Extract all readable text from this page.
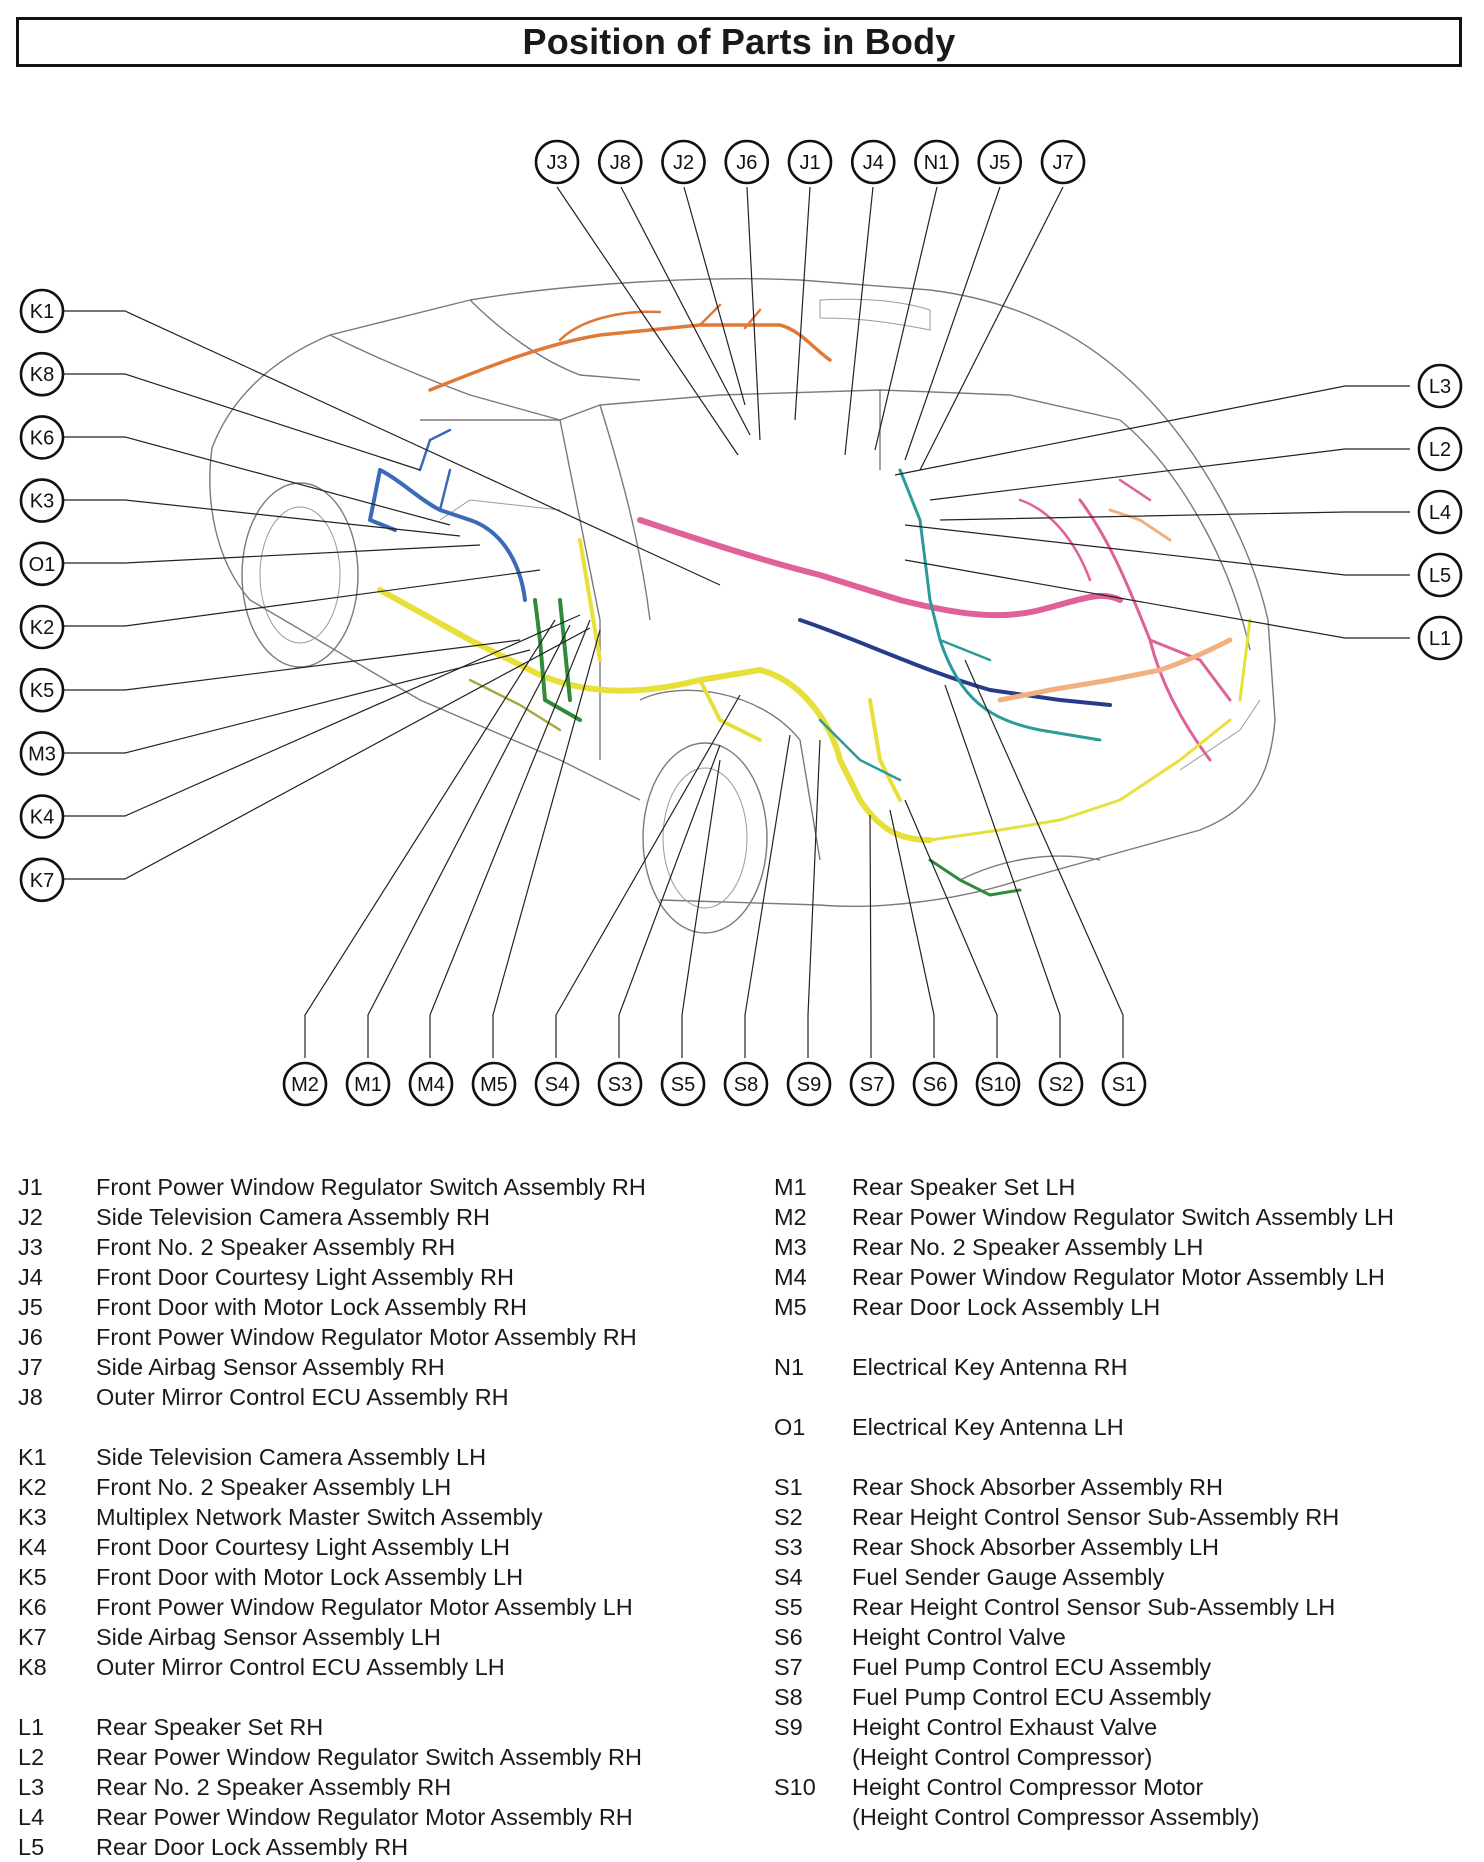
Position of Parts in Body
J3 J8 J2 J6 J1 J4 N1 J5 J7
K1
K8
K6
K3
O1
K2
K5
M3
K4
K7
L3
L2
L4
L5
L1
M2 M1 M4 M5 S4 S3 S5 S8 S9 S7 S6 S10 S2 S1
J1	Front Power Window Regulator Switch Assembly RH
J2	Side Television Camera Assembly RH
J3	Front No. 2 Speaker Assembly RH
J4	Front Door Courtesy Light Assembly RH
J5	Front Door with Motor Lock Assembly RH
J6	Front Power Window Regulator Motor Assembly RH
J7	Side Airbag Sensor Assembly RH
J8	Outer Mirror Control ECU Assembly RH
K1	Side Television Camera Assembly LH
K2	Front No. 2 Speaker Assembly LH
K3	Multiplex Network Master Switch Assembly
K4	Front Door Courtesy Light Assembly LH
K5	Front Door with Motor Lock Assembly LH
K6	Front Power Window Regulator Motor Assembly LH
K7	Side Airbag Sensor Assembly LH
K8	Outer Mirror Control ECU Assembly LH
L1	Rear Speaker Set RH
L2	Rear Power Window Regulator Switch Assembly RH
L3	Rear No. 2 Speaker Assembly RH
L4	Rear Power Window Regulator Motor Assembly RH
L5	Rear Door Lock Assembly RH
M1	Rear Speaker Set LH
M2	Rear Power Window Regulator Switch Assembly LH
M3	Rear No. 2 Speaker Assembly LH
M4	Rear Power Window Regulator Motor Assembly LH
M5	Rear Door Lock Assembly LH
N1	Electrical Key Antenna RH
O1	Electrical Key Antenna LH
S1	Rear Shock Absorber Assembly RH
S2	Rear Height Control Sensor Sub-Assembly RH
S3	Rear Shock Absorber Assembly LH
S4	Fuel Sender Gauge Assembly
S5	Rear Height Control Sensor Sub-Assembly LH
S6	Height Control Valve
S7	Fuel Pump Control ECU Assembly
S8	Fuel Pump Control ECU Assembly
S9	Height Control Exhaust Valve
(Height Control Compressor)
S10	Height Control Compressor Motor
(Height Control Compressor Assembly)
